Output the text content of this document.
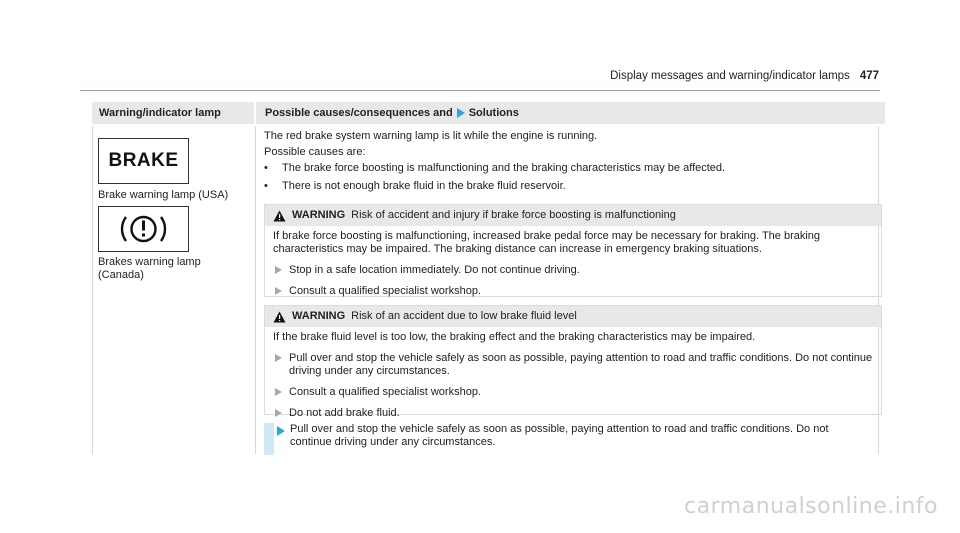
Display messages and warning/indicator lamps 477
Warning/indicator lamp	Possible causes/consequences and Solutions
BRAKE
Brake warning lamp (USA)
Brakes warning lamp (Canada)
The red brake system warning lamp is lit while the engine is running.
Possible causes are:
• The brake force boosting is malfunctioning and the braking characteristics may be affected.
• There is not enough brake fluid in the brake fluid reservoir.
WARNING Risk of accident and injury if brake force boosting is malfunctioning
If brake force boosting is malfunctioning, increased brake pedal force may be necessary for braking. The braking characteristics may be impaired. The braking distance can increase in emergency braking situations.
Stop in a safe location immediately. Do not continue driving.
Consult a qualified specialist workshop.
WARNING Risk of an accident due to low brake fluid level
If the brake fluid level is too low, the braking effect and the braking characteristics may be impaired.
Pull over and stop the vehicle safely as soon as possible, paying attention to road and traffic conditions. Do not continue driving under any circumstances.
Consult a qualified specialist workshop.
Do not add brake fluid.
Pull over and stop the vehicle safely as soon as possible, paying attention to road and traffic conditions. Do not continue driving under any circumstances.
carmanualsonline.info
